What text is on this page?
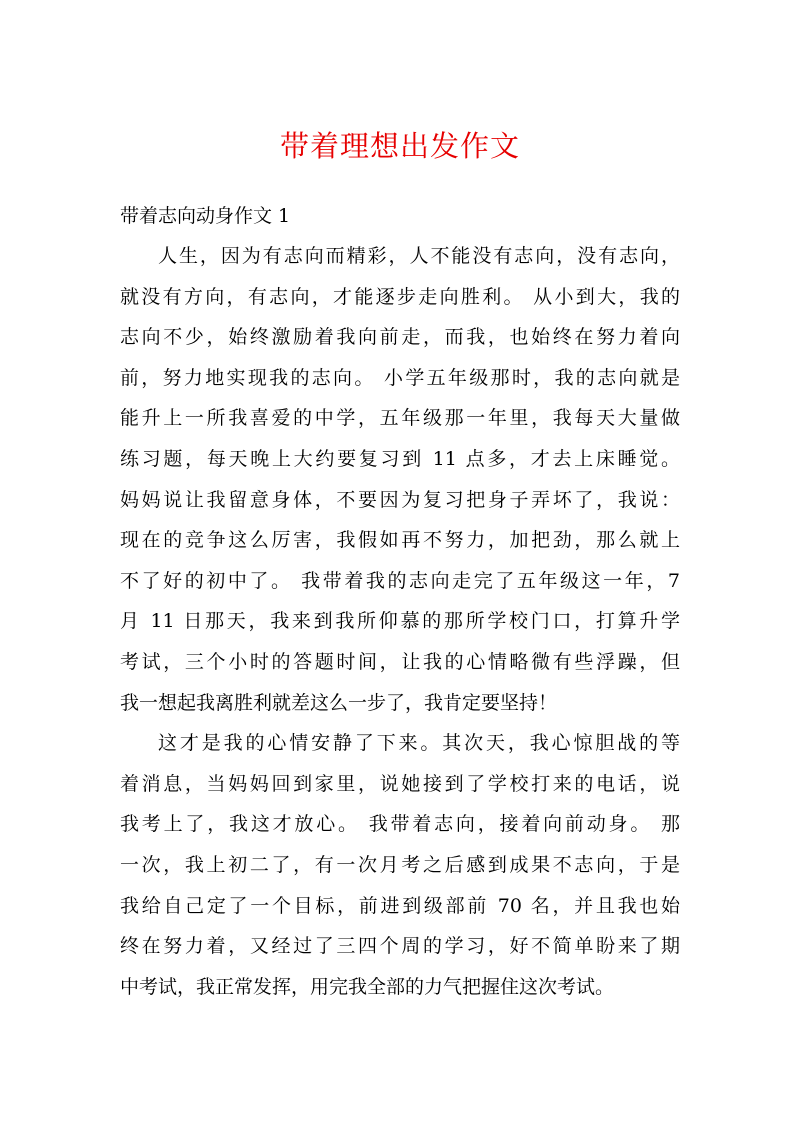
带着理想出发作文

带着志向动身作文 1

人生，因为有志向而精彩，人不能没有志向，没有志向，
就没有方向，有志向，才能逐步走向胜利。 从小到大，我的
志向不少，始终激励着我向前走，而我，也始终在努力着向
前，努力地实现我的志向。 小学五年级那时，我的志向就是
能升上一所我喜爱的中学，五年级那一年里，我每天大量做
练习题，每天晚上大约要复习到 11 点多，才去上床睡觉。
妈妈说让我留意身体，不要因为复习把身子弄坏了，我说：
现在的竞争这么厉害，我假如再不努力，加把劲，那么就上
不了好的初中了。 我带着我的志向走完了五年级这一年，7
月 11 日那天，我来到我所仰慕的那所学校门口，打算升学
考试，三个小时的答题时间，让我的心情略微有些浮躁，但
我一想起我离胜利就差这么一步了，我肯定要坚持！

这才是我的心情安静了下来。其次天，我心惊胆战的等
着消息，当妈妈回到家里，说她接到了学校打来的电话，说
我考上了，我这才放心。 我带着志向，接着向前动身。 那
一次，我上初二了，有一次月考之后感到成果不志向，于是
我给自己定了一个目标，前进到级部前 70 名，并且我也始
终在努力着，又经过了三四个周的学习，好不简单盼来了期
中考试，我正常发挥，用完我全部的力气把握住这次考试。
